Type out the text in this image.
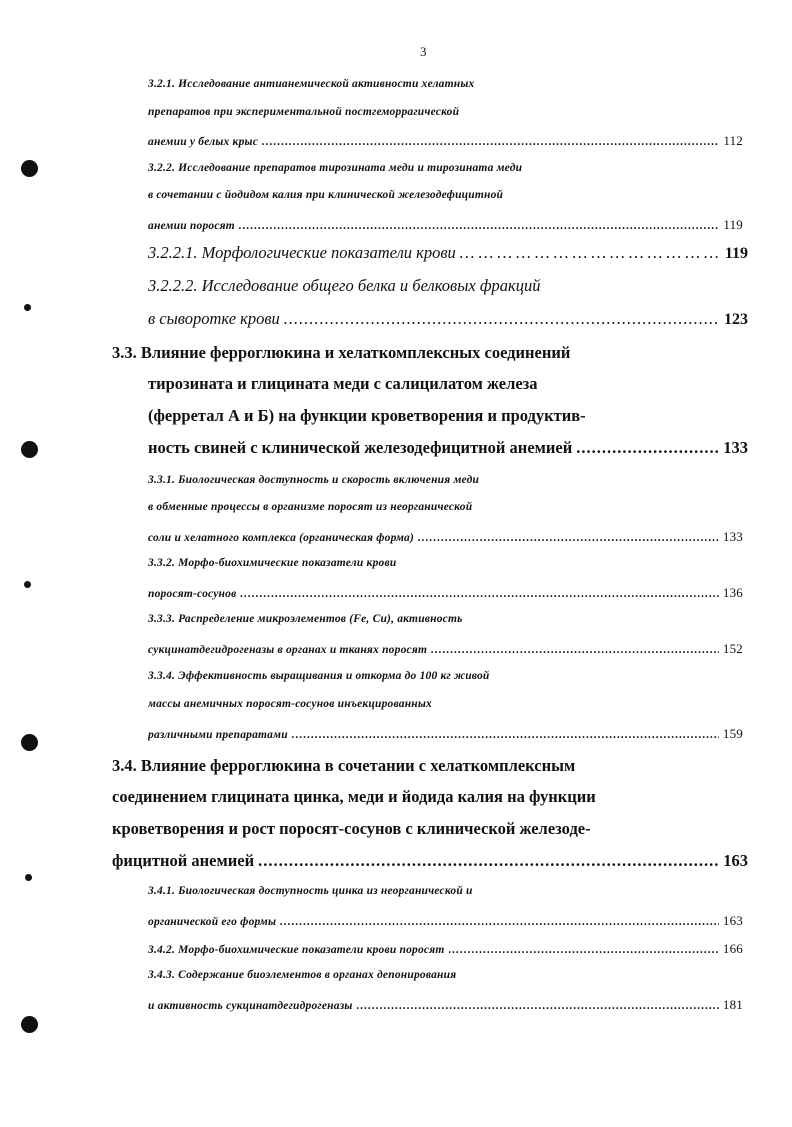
3
3.2.1. Исследование антианемической активности хелатных
препаратов при экспериментальной постгеморрагической
анемии у белых крыс .....	112
3.2.2. Исследование препаратов тирозината меди и тирозината меди
в сочетании с йодидом калия при клинической железодефицитной
анемии поросят .....	119
3.2.2.1. Морфологические показатели крови … … … … … … … … … … … … … … … … … … … … … … … … … … … … … … …	119
3.2.2.2. Исследование общего белка и белковых фракций
в сыворотке крови .....	123
3.3. Влияние ферроглюкина и хелаткомплексных соединений
тирозината и глицината меди с салицилатом железа
(ферретал А и Б) на функции кроветворения и продуктив-
ность свиней с клинической железодефицитной анемией .....	133
3.3.1. Биологическая доступность и скорость включения меди
в обменные процессы в организме поросят из неорганической
соли и хелатного комплекса (органическая форма) .....	133
3.3.2. Морфо-биохимические показатели крови
поросят-сосунов .....	136
3.3.3. Распределение микроэлементов (Fe, Cu), активность
сукцинатдегидрогеназы в органах и тканях поросят .....	152
3.3.4. Эффективность выращивания и откорма до 100 кг живой
массы анемичных поросят-сосунов инъекцированных
различными препаратами .....	159
3.4. Влияние ферроглюкина в сочетании с хелаткомплексным
соединением глицината цинка, меди и йодида калия на функции
кроветворения и рост поросят-сосунов с клинической железоде-
фицитной анемией .....	163
3.4.1. Биологическая доступность цинка из неорганической и
органической его формы .....	163
3.4.2. Морфо-биохимические показатели крови поросят .....	166
3.4.3. Содержание биоэлементов в органах депонирования
и активность сукцинатдегидрогеназы .....	181
